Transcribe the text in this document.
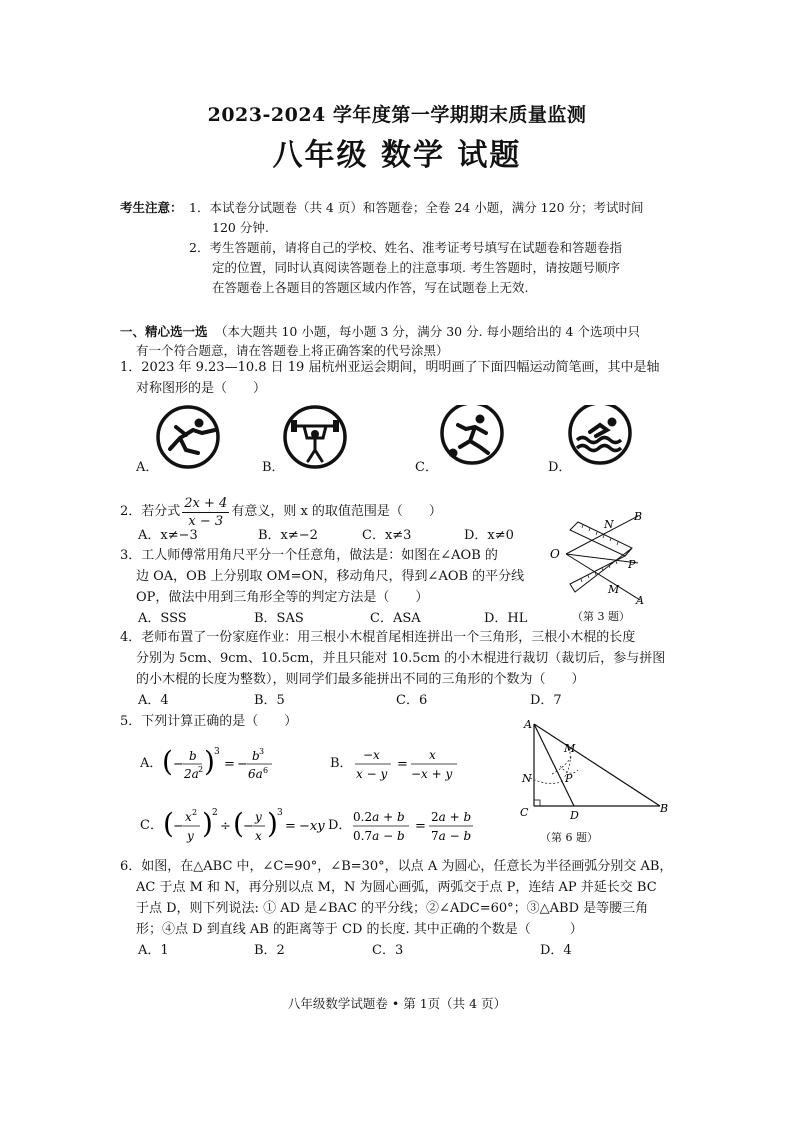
2023-2024 学年度第一学期期末质量监测
八年级 数学 试题
考生注意： 1．本试卷分试题卷（共 4 页）和答题卷；全卷 24 小题，满分 120 分；考试时间
120 分钟.
2．考生答题前，请将自己的学校、姓名、准考证考号填写在试题卷和答题卷指
定的位置，同时认真阅读答题卷上的注意事项. 考生答题时，请按题号顺序
在答题卷上各题目的答题区域内作答，写在试题卷上无效.
一、精心选一选 （本大题共 10 小题，每小题 3 分，满分 30 分. 每小题给出的 4 个选项中只
有一个符合题意，请在答题卷上将正确答案的代号涂黑）
1．2023 年 9.23—10.8 日 19 届杭州亚运会期间，明明画了下面四幅运动简笔画，其中是轴
对称图形的是（　　）
A．	B．	C．	D．
2．若分式 $\frac{2x + 4}{x - 3}$ 有意义，则 x 的取值范围是（　　）
A．x≠−3	B．x≠−2	C．x≠3	D．x≠0
3．工人师傅常用角尺平分一个任意角，做法是：如图在∠AOB 的
边 OA，OB 上分别取 OM=ON，移动角尺，得到∠AOB 的平分线
OP，做法中用到三角形全等的判定方法是（　　）
A．SSS	B．SAS	C．ASA	D．HL
O
N
B
P
M
A
（第 3 题）
4．老师布置了一份家庭作业：用三根小木棍首尾相连拼出一个三角形，三根小木棍的长度
分别为 5cm、9cm、10.5cm，并且只能对 10.5cm 的小木棍进行裁切（裁切后，参与拼图
的小木棍的长度为整数），则同学们最多能拼出不同的三角形的个数为（　　）
A．4	B．5	C．6	D．7
5．下列计算正确的是（　　）
A． ( −
b
2a 2 ) 3
= −
b 3
6a 6	B．
−x
x − y
=
x
−x + y
C． ( −
x 2
y ) 2
÷ ( −
y
x ) 3
= −xy D．
0.2a + b
0.7a − b
=
2a + b
7a − b
A
M
N	P
C	D
B
（第 6 题）
6．如图，在△ABC 中，∠C=90°，∠B=30°，以点 A 为圆心，任意长为半径画弧分别交 AB，
AC 于点 M 和 N，再分别以点 M，N 为圆心画弧，两弧交于点 P，连结 AP 并延长交 BC
于点 D，则下列说法: ① AD 是∠BAC 的平分线；②∠ADC=60°；③△ABD 是等腰三角
形；④点 D 到直线 AB 的距离等于 CD 的长度. 其中正确的个数是（　　　）
A．1	B．2	C．3	D．4
八年级数学试题卷 • 第 1页（共 4 页）
